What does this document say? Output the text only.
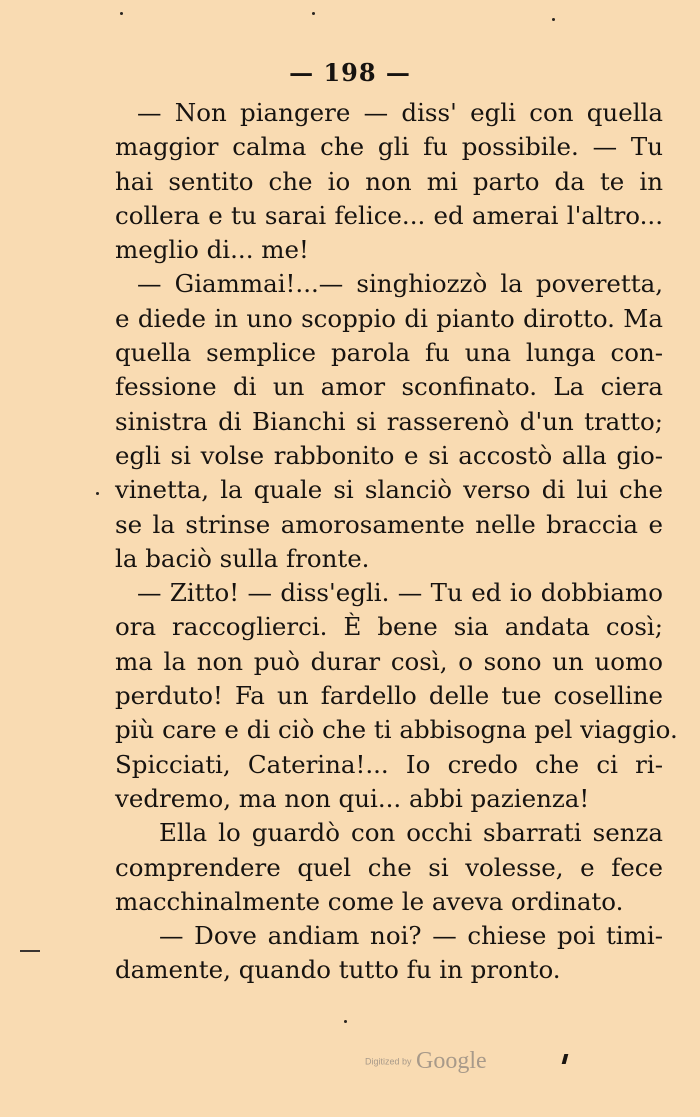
— 198 —
— Non piangere — diss' egli con quella
maggior calma che gli fu possibile. — Tu
hai sentito che io non mi parto da te in
collera e tu sarai felice... ed amerai l'altro...
meglio di... me!
— Giammai!...— singhiozzò la poveretta,
e diede in uno scoppio di pianto dirotto. Ma
quella semplice parola fu una lunga con-
fessione di un amor sconfinato. La ciera
sinistra di Bianchi si rasserenò d'un tratto;
egli si volse rabbonito e si accostò alla gio-
vinetta, la quale si slanciò verso di lui che
se la strinse amorosamente nelle braccia e
la baciò sulla fronte.
— Zitto! — diss'egli. — Tu ed io dobbiamo
ora raccoglierci. È bene sia andata così;
ma la non può durar così, o sono un uomo
perduto! Fa un fardello delle tue coselline
più care e di ciò che ti abbisogna pel viaggio.
Spicciati, Caterina!... Io credo che ci ri-
vedremo, ma non qui... abbi pazienza!
Ella lo guardò con occhi sbarrati senza
comprendere quel che si volesse, e fece
macchinalmente come le aveva ordinato.
— Dove andiam noi? — chiese poi timi-
damente, quando tutto fu in pronto.
Digitized by Google
